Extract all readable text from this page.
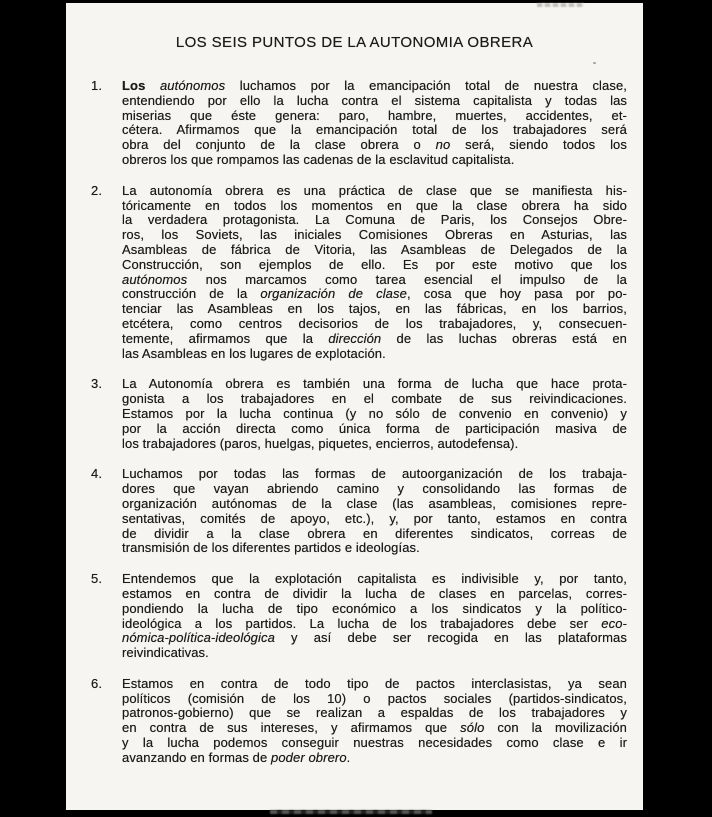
LOS SEIS PUNTOS DE LA AUTONOMIA OBRERA
1.	Los autónomos luchamos por la emancipación total de nuestra clase,
entendiendo por ello la lucha contra el sistema capitalista y todas las
miserias que éste genera: paro, hambre, muertes, accidentes, et-
cétera. Afirmamos que la emancipación total de los trabajadores será
obra del conjunto de la clase obrera o no será, siendo todos los
obreros los que rompamos las cadenas de la esclavitud capitalista.
2.	La autonomía obrera es una práctica de clase que se manifiesta his-
tóricamente en todos los momentos en que la clase obrera ha sido
la verdadera protagonista. La Comuna de Paris, los Consejos Obre-
ros, los Soviets, las iniciales Comisiones Obreras en Asturias, las
Asambleas de fábrica de Vitoria, las Asambleas de Delegados de la
Construcción, son ejemplos de ello. Es por este motivo que los
autónomos nos marcamos como tarea esencial el impulso de la
construcción de la organización de clase, cosa que hoy pasa por po-
tenciar las Asambleas en los tajos, en las fábricas, en los barrios,
etcétera, como centros decisorios de los trabajadores, y, consecuen-
temente, afirmamos que la dirección de las luchas obreras está en
las Asambleas en los lugares de explotación.
3.	La Autonomía obrera es también una forma de lucha que hace prota-
gonista a los trabajadores en el combate de sus reivindicaciones.
Estamos por la lucha continua (y no sólo de convenio en convenio) y
por la acción directa como única forma de participación masiva de
los trabajadores (paros, huelgas, piquetes, encierros, autodefensa).
4.	Luchamos por todas las formas de autoorganización de los trabaja-
dores que vayan abriendo camino y consolidando las formas de
organización autónomas de la clase (las asambleas, comisiones repre-
sentativas, comités de apoyo, etc.), y, por tanto, estamos en contra
de dividir a la clase obrera en diferentes sindicatos, correas de
transmisión de los diferentes partidos e ideologías.
5.	Entendemos que la explotación capitalista es indivisible y, por tanto,
estamos en contra de dividir la lucha de clases en parcelas, corres-
pondiendo la lucha de tipo económico a los sindicatos y la político-
ideológica a los partidos. La lucha de los trabajadores debe ser eco-
nómica-política-ideológica y así debe ser recogida en las plataformas
reivindicativas.
6.	Estamos en contra de todo tipo de pactos interclasistas, ya sean
políticos (comisión de los 10) o pactos sociales (partidos-sindicatos,
patronos-gobierno) que se realizan a espaldas de los trabajadores y
en contra de sus intereses, y afirmamos que sólo con la movilización
y la lucha podemos conseguir nuestras necesidades como clase e ir
avanzando en formas de poder obrero.
